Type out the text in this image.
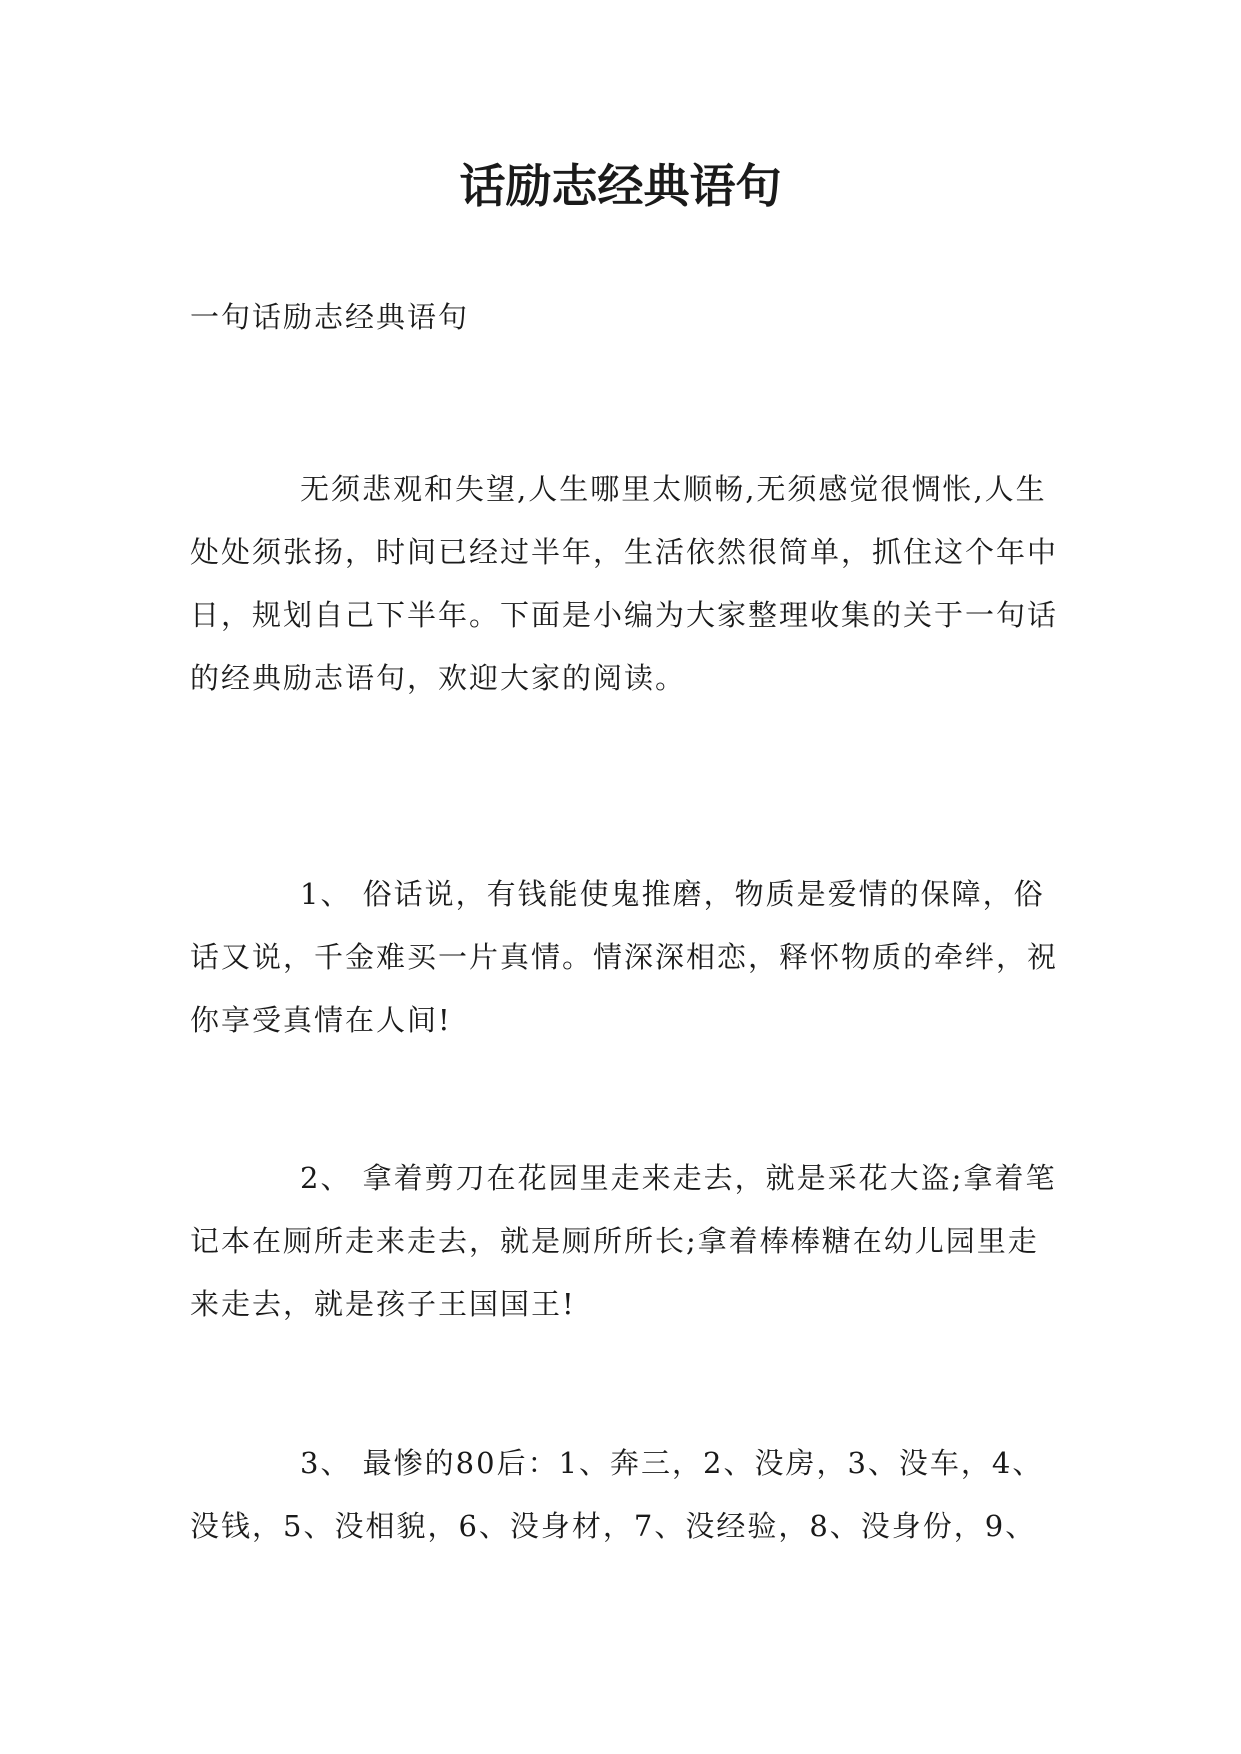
话励志经典语句

一句话励志经典语句

无须悲观和失望,人生哪里太顺畅,无须感觉很惆怅,人生处处须张扬，时间已经过半年，生活依然很简单，抓住这个年中日，规划自己下半年。下面是小编为大家整理收集的关于一句话的经典励志语句，欢迎大家的阅读。

1、 俗话说，有钱能使鬼推磨，物质是爱情的保障，俗话又说，千金难买一片真情。情深深相恋，释怀物质的牵绊，祝你享受真情在人间!

2、 拿着剪刀在花园里走来走去，就是采花大盗;拿着笔记本在厕所走来走去，就是厕所所长;拿着棒棒糖在幼儿园里走来走去，就是孩子王国国王!

3、 最惨的80后：1、奔三，2、没房，3、没车，4、没钱，5、没相貌，6、没身材，7、没经验，8、没身份，9、
